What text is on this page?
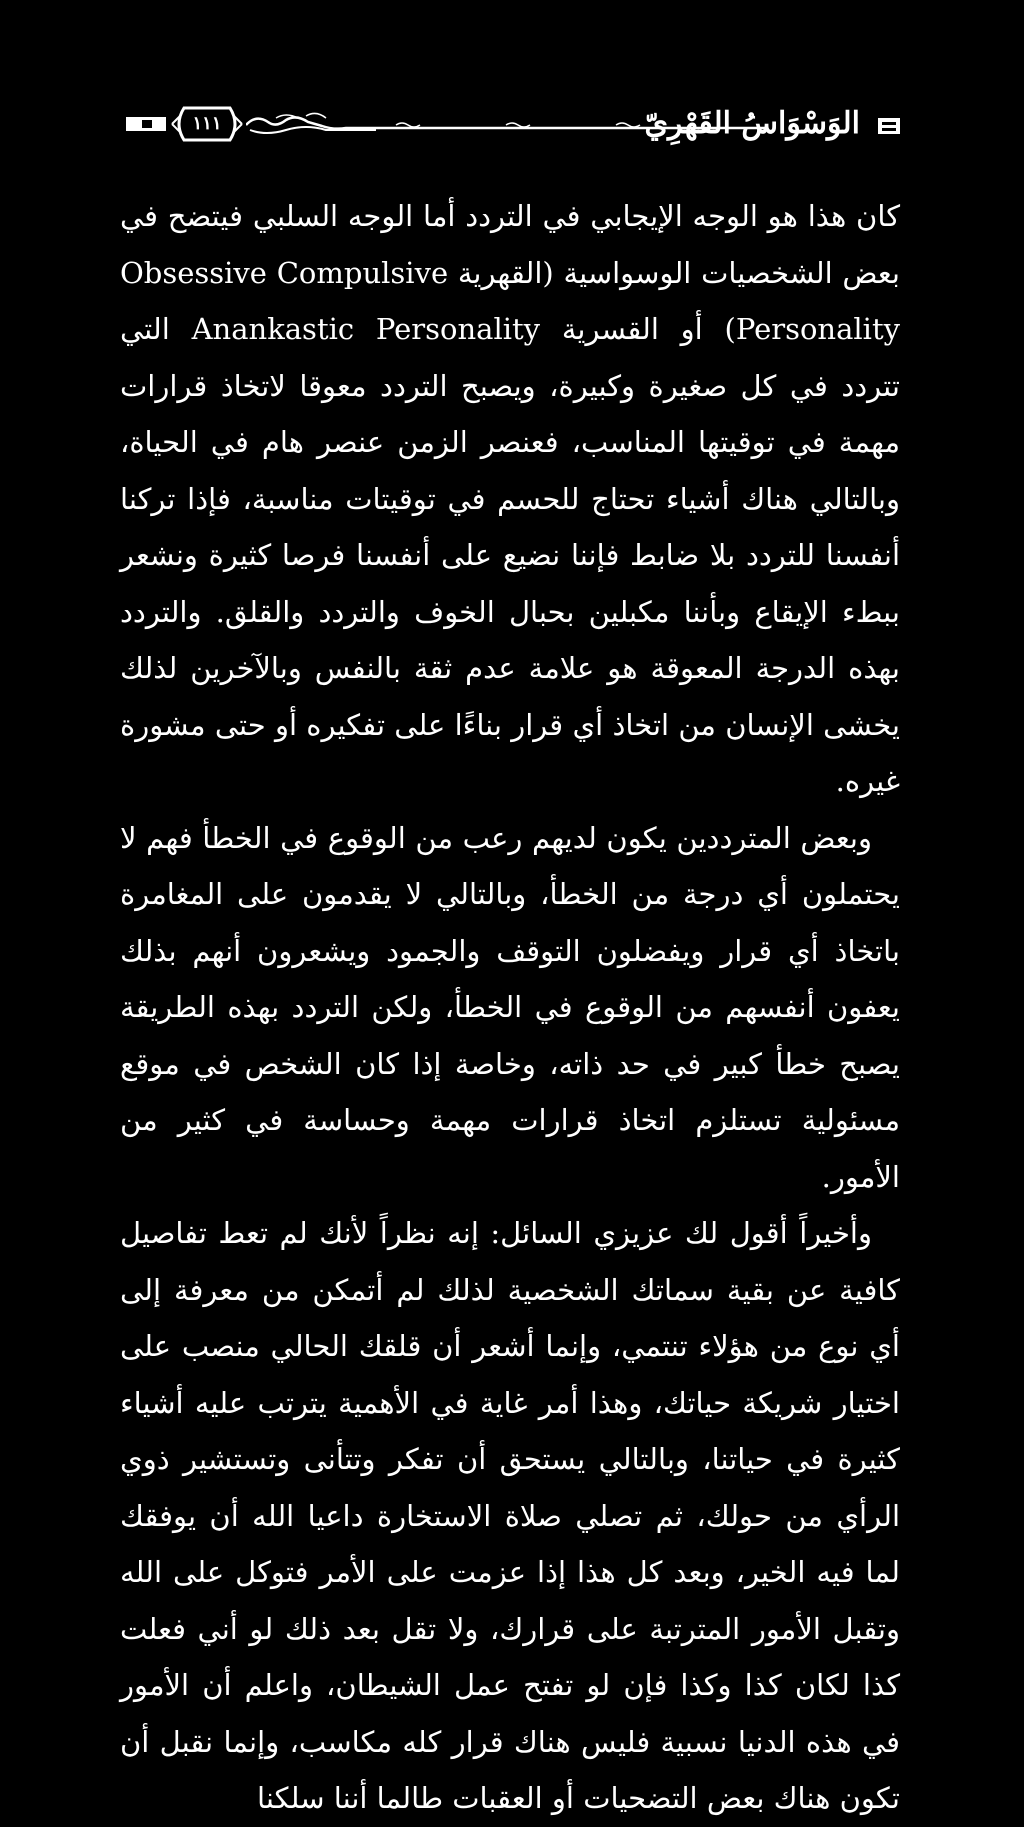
١١١	الوَسْوَاسُ القَهْرِيّ

كان هذا هو الوجه الإيجابي في التردد أما الوجه السلبي فيتضح في بعض الشخصيات الوسواسية (القهرية Obsessive Compulsive Personality) أو القسرية Anankastic Personality التي تتردد في كل صغيرة وكبيرة، ويصبح التردد معوقا لاتخاذ قرارات مهمة في توقيتها المناسب، فعنصر الزمن عنصر هام في الحياة، وبالتالي هناك أشياء تحتاج للحسم في توقيتات مناسبة، فإذا تركنا أنفسنا للتردد بلا ضابط فإننا نضيع على أنفسنا فرصا كثيرة ونشعر ببطء الإيقاع وبأننا مكبلين بحبال الخوف والتردد والقلق. والتردد بهذه الدرجة المعوقة هو علامة عدم ثقة بالنفس وبالآخرين لذلك يخشى الإنسان من اتخاذ أي قرار بناءًا على تفكيره أو حتى مشورة غيره.

وبعض المترددين يكون لديهم رعب من الوقوع في الخطأ فهم لا يحتملون أي درجة من الخطأ، وبالتالي لا يقدمون على المغامرة باتخاذ أي قرار ويفضلون التوقف والجمود ويشعرون أنهم بذلك يعفون أنفسهم من الوقوع في الخطأ، ولكن التردد بهذه الطريقة يصبح خطأ كبير في حد ذاته، وخاصة إذا كان الشخص في موقع مسئولية تستلزم اتخاذ قرارات مهمة وحساسة في كثير من الأمور.

وأخيراً أقول لك عزيزي السائل: إنه نظراً لأنك لم تعط تفاصيل كافية عن بقية سماتك الشخصية لذلك لم أتمكن من معرفة إلى أي نوع من هؤلاء تنتمي، وإنما أشعر أن قلقك الحالي منصب على اختيار شريكة حياتك، وهذا أمر غاية في الأهمية يترتب عليه أشياء كثيرة في حياتنا، وبالتالي يستحق أن تفكر وتتأنى وتستشير ذوي الرأي من حولك، ثم تصلي صلاة الاستخارة داعيا الله أن يوفقك لما فيه الخير، وبعد كل هذا إذا عزمت على الأمر فتوكل على الله وتقبل الأمور المترتبة على قرارك، ولا تقل بعد ذلك لو أني فعلت كذا لكان كذا وكذا فإن لو تفتح عمل الشيطان، واعلم أن الأمور في هذه الدنيا نسبية فليس هناك قرار كله مكاسب، وإنما نقبل أن تكون هناك بعض التضحيات أو العقبات طالما أننا سلكنا
